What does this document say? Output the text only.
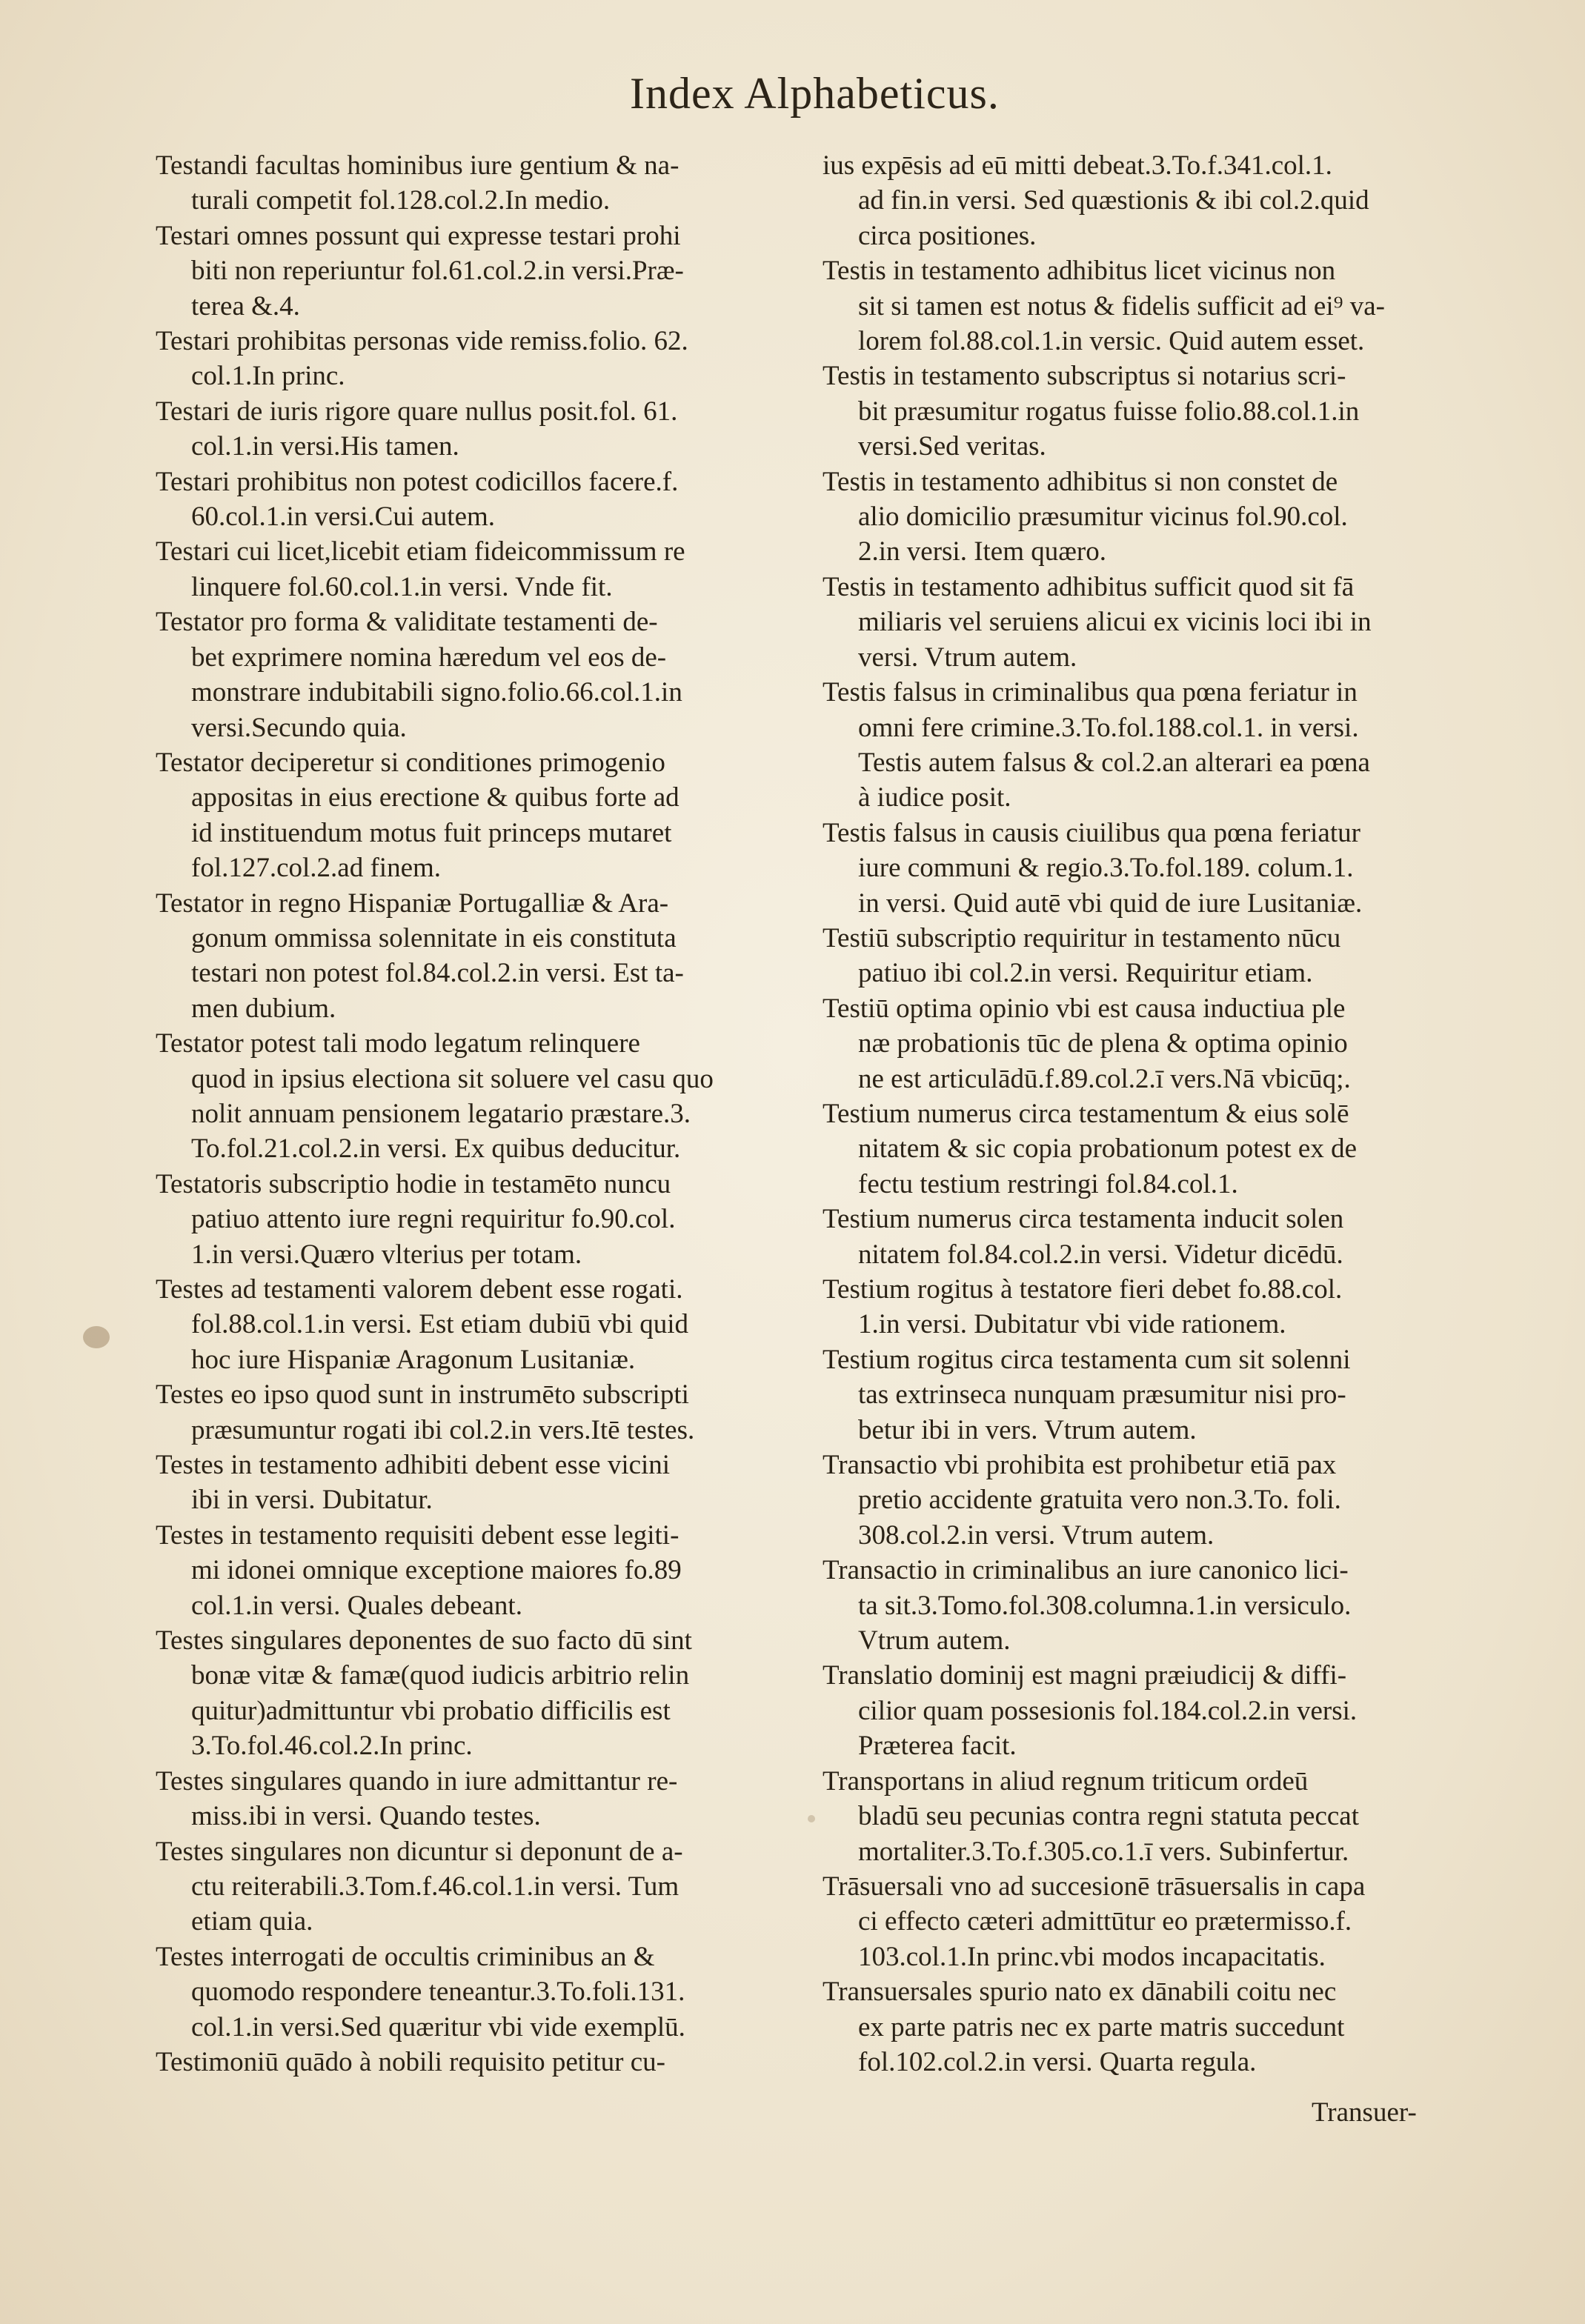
Index Alphabeticus.

Testandi facultas hominibus iure gentium & na-
turali competit fol.128.col.2.In medio.

Testari omnes possunt qui expresse testari prohi
biti non reperiuntur fol.61.col.2.in versi.Præ-
terea &.4.

Testari prohibitas personas vide remiss.folio. 62.
col.1.In princ.

Testari de iuris rigore quare nullus posit.fol. 61.
col.1.in versi.His tamen.

Testari prohibitus non potest codicillos facere.f.
60.col.1.in versi.Cui autem.

Testari cui licet,licebit etiam fideicommissum re
linquere fol.60.col.1.in versi. Vnde fit.

Testator pro forma & validitate testamenti de-
bet exprimere nomina hæredum vel eos de-
monstrare indubitabili signo.folio.66.col.1.in
versi.Secundo quia.

Testator deciperetur si conditiones primogenio
appositas in eius erectione & quibus forte ad
id instituendum motus fuit princeps mutaret
fol.127.col.2.ad finem.

Testator in regno Hispaniæ Portugalliæ & Ara-
gonum ommissa solennitate in eis constituta
testari non potest fol.84.col.2.in versi. Est ta-
men dubium.

Testator potest tali modo legatum relinquere
quod in ipsius electiona sit soluere vel casu quo
nolit annuam pensionem legatario præstare.3.
To.fol.21.col.2.in versi. Ex quibus deducitur.

Testatoris subscriptio hodie in testamēto nuncu
patiuo attento iure regni requiritur fo.90.col.
1.in versi.Quæro vlterius per totam.

Testes ad testamenti valorem debent esse rogati.
fol.88.col.1.in versi. Est etiam dubiū vbi quid
hoc iure Hispaniæ Aragonum Lusitaniæ.

Testes eo ipso quod sunt in instrumēto subscripti
præsumuntur rogati ibi col.2.in vers.Itē testes.

Testes in testamento adhibiti debent esse vicini
ibi in versi. Dubitatur.

Testes in testamento requisiti debent esse legiti-
mi idonei omnique exceptione maiores fo.89
col.1.in versi. Quales debeant.

Testes singulares deponentes de suo facto dū sint
bonæ vitæ & famæ(quod iudicis arbitrio relin
quitur)admittuntur vbi probatio difficilis est
3.To.fol.46.col.2.In princ.

Testes singulares quando in iure admittantur re-
miss.ibi in versi. Quando testes.

Testes singulares non dicuntur si deponunt de a-
ctu reiterabili.3.Tom.f.46.col.1.in versi. Tum
etiam quia.

Testes interrogati de occultis criminibus an &
quomodo respondere teneantur.3.To.foli.131.
col.1.in versi.Sed quæritur vbi vide exemplū.

Testimoniū quādo à nobili requisito petitur cu-

ius expēsis ad eū mitti debeat.3.To.f.341.col.1.
ad fin.in versi. Sed quæstionis & ibi col.2.quid
circa positiones.

Testis in testamento adhibitus licet vicinus non
sit si tamen est notus & fidelis sufficit ad ei⁹ va-
lorem fol.88.col.1.in versic. Quid autem esset.

Testis in testamento subscriptus si notarius scri-
bit præsumitur rogatus fuisse folio.88.col.1.in
versi.Sed veritas.

Testis in testamento adhibitus si non constet de
alio domicilio præsumitur vicinus fol.90.col.
2.in versi. Item quæro.

Testis in testamento adhibitus sufficit quod sit fā
miliaris vel seruiens alicui ex vicinis loci ibi in
versi. Vtrum autem.

Testis falsus in criminalibus qua pœna feriatur in
omni fere crimine.3.To.fol.188.col.1. in versi.
Testis autem falsus & col.2.an alterari ea pœna
à iudice posit.

Testis falsus in causis ciuilibus qua pœna feriatur
iure communi & regio.3.To.fol.189. colum.1.
in versi. Quid autē vbi quid de iure Lusitaniæ.

Testiū subscriptio requiritur in testamento nūcu
patiuo ibi col.2.in versi. Requiritur etiam.

Testiū optima opinio vbi est causa inductiua ple
næ probationis tūc de plena & optima opinio
ne est articulādū.f.89.col.2.ī vers.Nā vbicūq;.

Testium numerus circa testamentum & eius solē
nitatem & sic copia probationum potest ex de
fectu testium restringi fol.84.col.1.

Testium numerus circa testamenta inducit solen
nitatem fol.84.col.2.in versi. Videtur dicēdū.

Testium rogitus à testatore fieri debet fo.88.col.
1.in versi. Dubitatur vbi vide rationem.

Testium rogitus circa testamenta cum sit solenni
tas extrinseca nunquam præsumitur nisi pro-
betur ibi in vers. Vtrum autem.

Transactio vbi prohibita est prohibetur etiā pax
pretio accidente gratuita vero non.3.To. foli.
308.col.2.in versi. Vtrum autem.

Transactio in criminalibus an iure canonico lici-
ta sit.3.Tomo.fol.308.columna.1.in versiculo.
Vtrum autem.

Translatio dominij est magni præiudicij & diffi-
cilior quam possesionis fol.184.col.2.in versi.
Præterea facit.

Transportans in aliud regnum triticum ordeū
bladū seu pecunias contra regni statuta peccat
mortaliter.3.To.f.305.co.1.ī vers. Subinfertur.

Trāsuersali vno ad succesionē trāsuersalis in capa
ci effecto cæteri admittūtur eo prætermisso.f.
103.col.1.In princ.vbi modos incapacitatis.

Transuersales spurio nato ex dānabili coitu nec
ex parte patris nec ex parte matris succedunt
fol.102.col.2.in versi. Quarta regula.

Transuer-
